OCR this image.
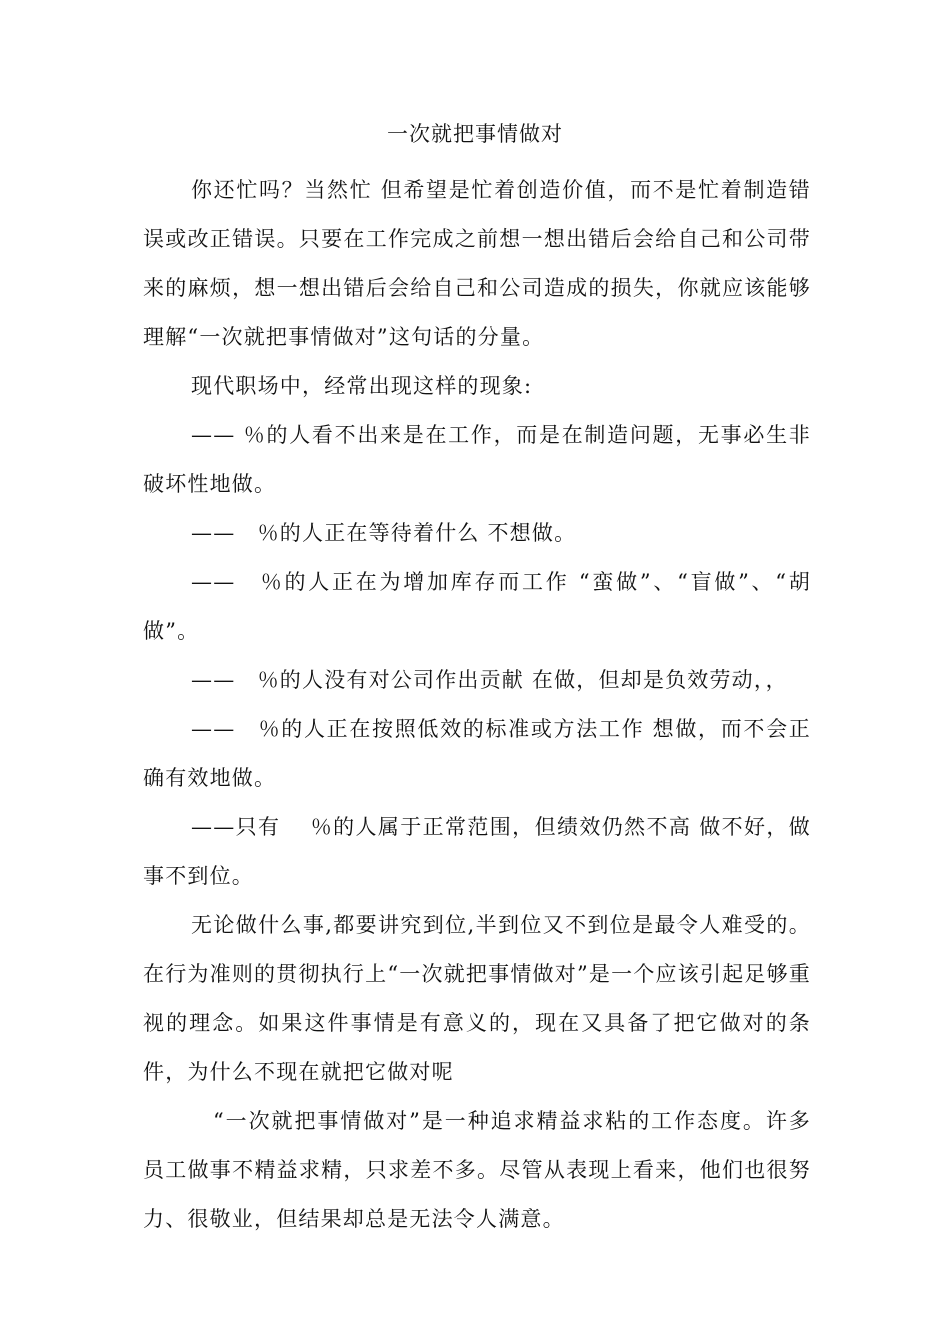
一次就把事情做对

你还忙吗？当然忙 但希望是忙着创造价值，而不是忙着制造错误或改正错误。只要在工作完成之前想一想出错后会给自己和公司带来的麻烦，想一想出错后会给自己和公司造成的损失，你就应该能够理解“一次就把事情做对”这句话的分量。

现代职场中，经常出现这样的现象:

—— ％的人看不出来是在工作，而是在制造问题，无事必生非破坏性地做。

——　％的人正在等待着什么 不想做。

——　％的人正在为增加库存而工作 “蛮做”、“盲做”、“胡做”。

——　％的人没有对公司作出贡献 在做，但却是负效劳动，，

——　％的人正在按照低效的标准或方法工作 想做，而不会正确有效地做。

——只有　 ％的人属于正常范围，但绩效仍然不高 做不好，做事不到位。

无论做什么事,都要讲究到位,半到位又不到位是最令人难受的。在行为准则的贯彻执行上“一次就把事情做对”是一个应该引起足够重视的理念。如果这件事情是有意义的，现在又具备了把它做对的条件，为什么不现在就把它做对呢

“一次就把事情做对”是一种追求精益求粘的工作态度。许多员工做事不精益求精，只求差不多。尽管从表现上看来，他们也很努力、很敬业，但结果却总是无法令人满意。
